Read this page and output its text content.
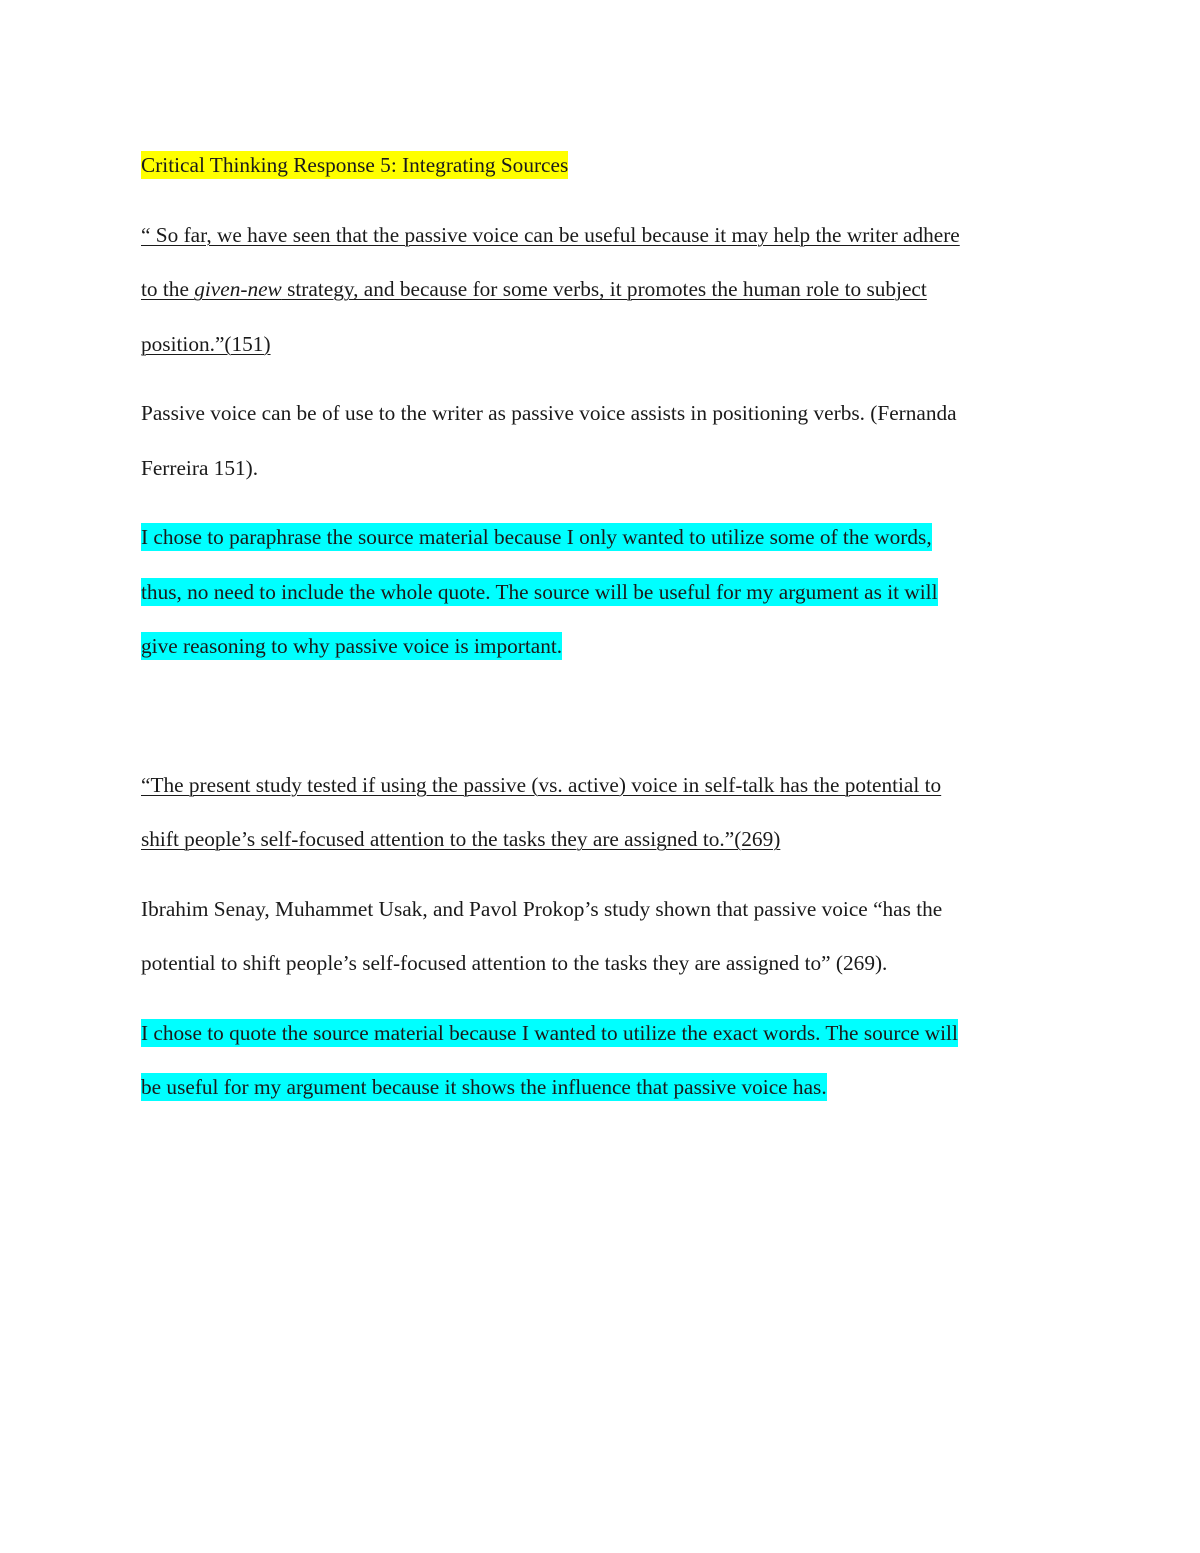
Critical Thinking Response 5: Integrating Sources
“ So far, we have seen that the passive voice can be useful because it may help the writer adhere
to the given-new strategy, and because for some verbs, it promotes the human role to subject
position.”(151)
Passive voice can be of use to the writer as passive voice assists in positioning verbs. (Fernanda
Ferreira 151).
I chose to paraphrase the source material because I only wanted to utilize some of the words,
thus, no need to include the whole quote. The source will be useful for my argument as it will
give reasoning to why passive voice is important.
“The present study tested if using the passive (vs. active) voice in self-talk has the potential to
shift people’s self-focused attention to the tasks they are assigned to.”(269)
Ibrahim Senay, Muhammet Usak, and Pavol Prokop’s study shown that passive voice “has the
potential to shift people’s self-focused attention to the tasks they are assigned to” (269).
I chose to quote the source material because I wanted to utilize the exact words. The source will
be useful for my argument because it shows the influence that passive voice has.
